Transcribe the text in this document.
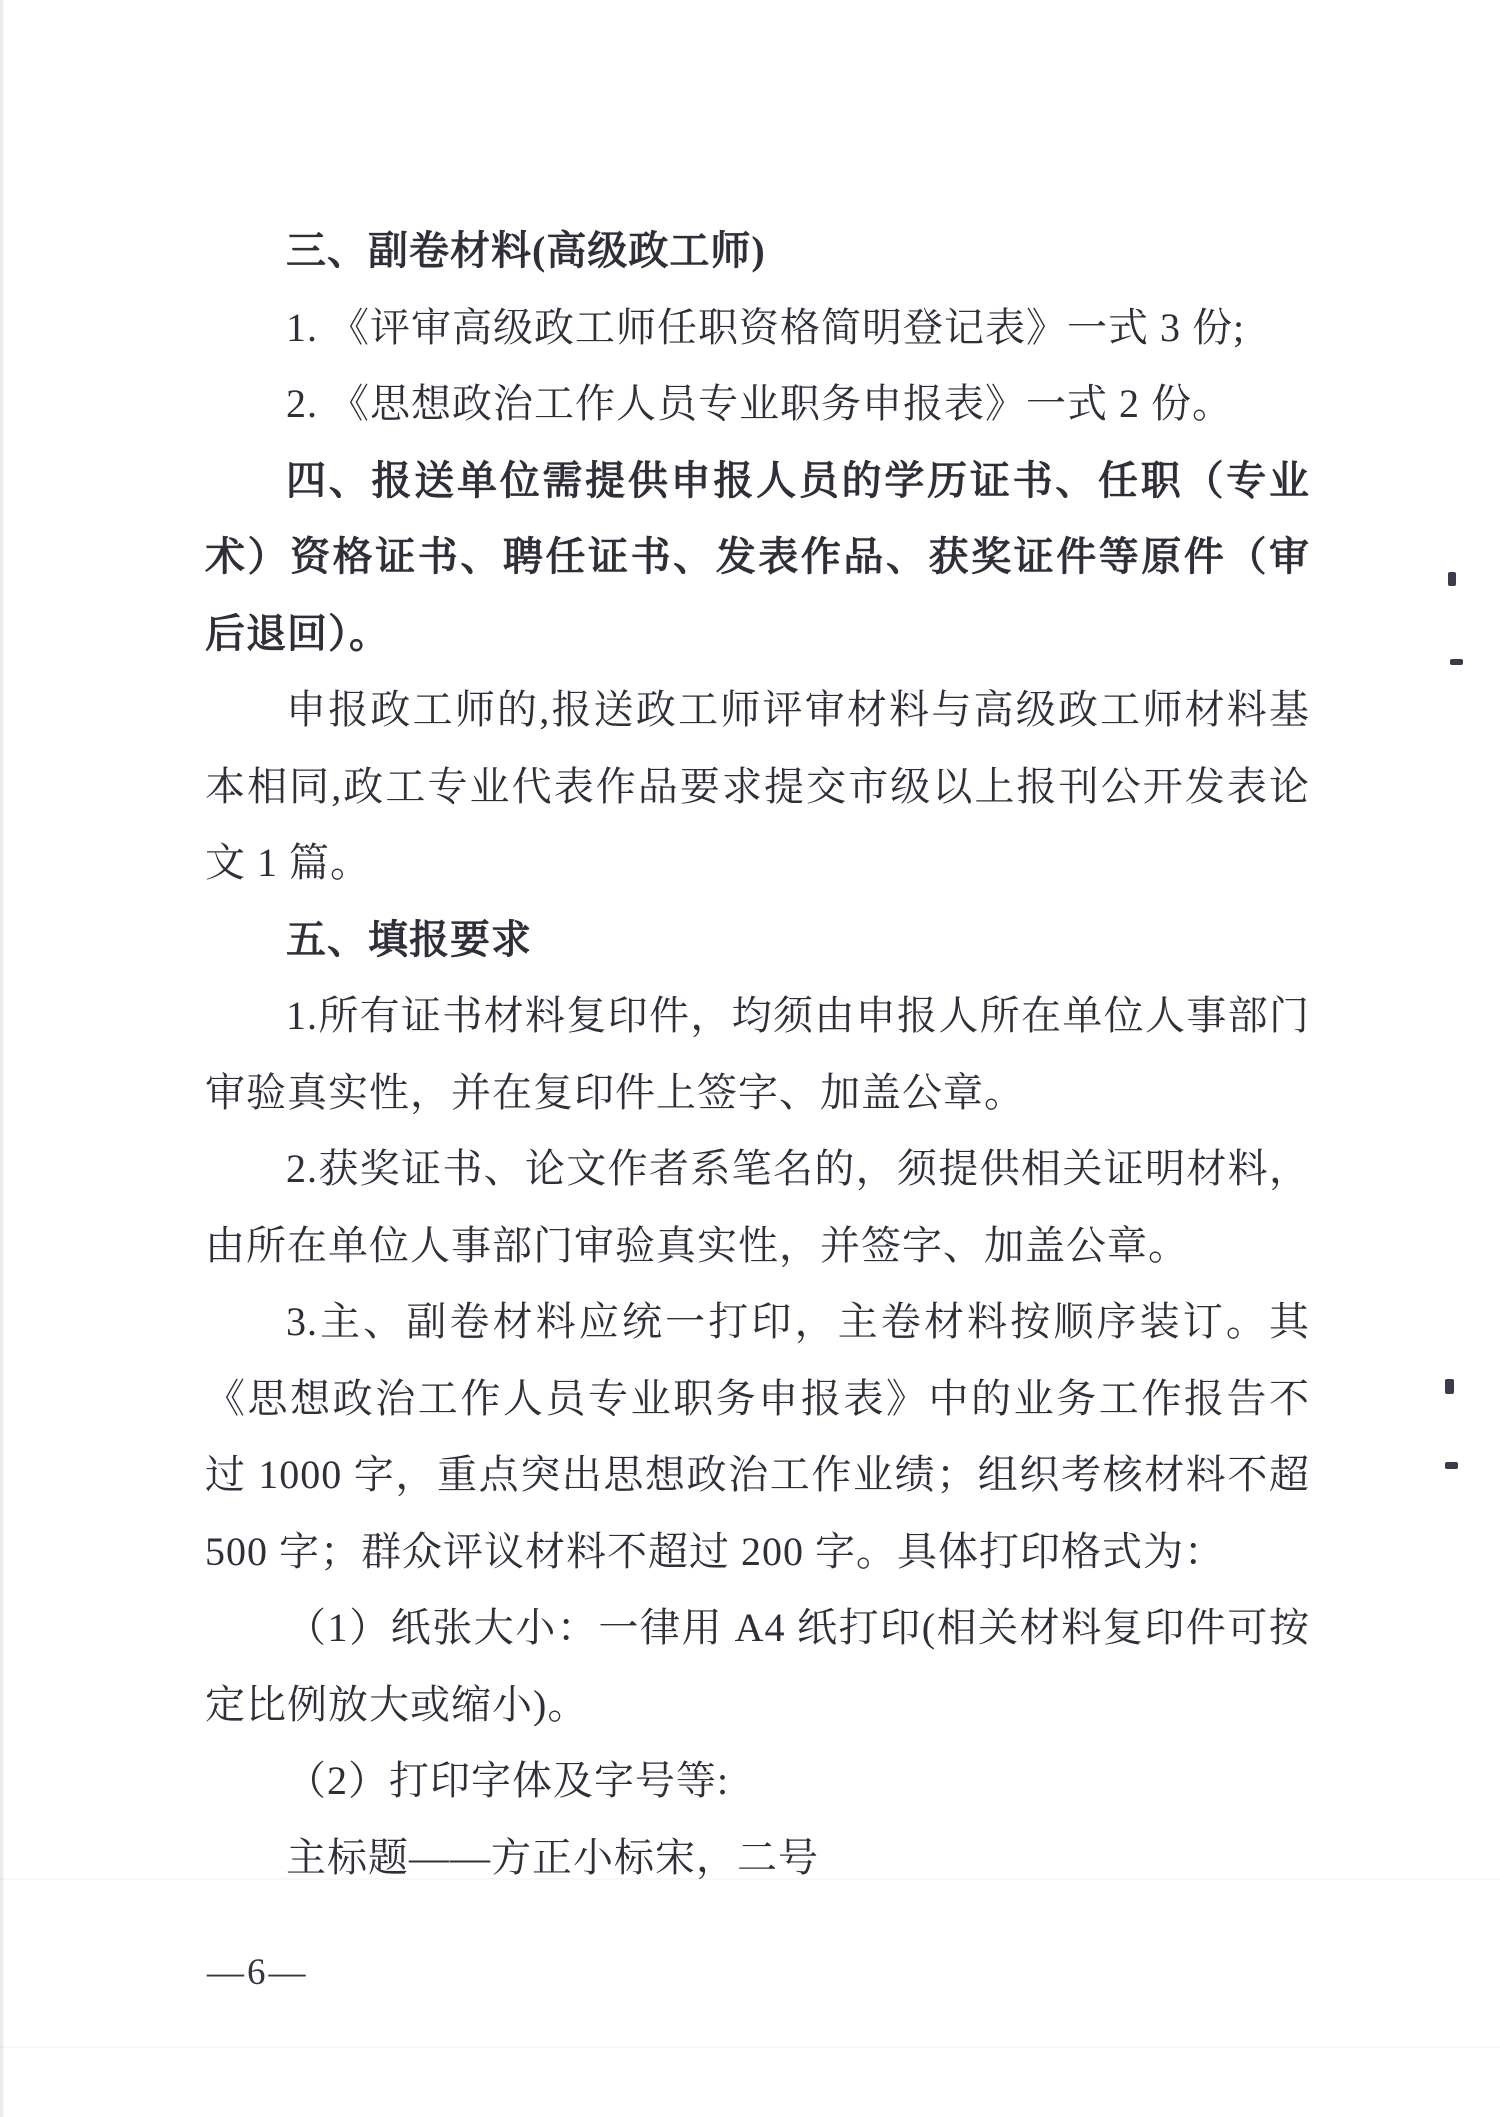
三、副卷材料(高级政工师)
1. 《评审高级政工师任职资格简明登记表》一式 3 份;
2. 《思想政治工作人员专业职务申报表》一式 2 份。
四、报送单位需提供申报人员的学历证书、任职（专业
术）资格证书、聘任证书、发表作品、获奖证件等原件（审
后退回）。
申报政工师的,报送政工师评审材料与高级政工师材料基
本相同,政工专业代表作品要求提交市级以上报刊公开发表论
文 1 篇。
五、填报要求
1.所有证书材料复印件，均须由申报人所在单位人事部门
审验真实性，并在复印件上签字、加盖公章。
2.获奖证书、论文作者系笔名的，须提供相关证明材料，
由所在单位人事部门审验真实性，并签字、加盖公章。
3.主、副卷材料应统一打印，主卷材料按顺序装订。其
《思想政治工作人员专业职务申报表》中的业务工作报告不
过 1000 字，重点突出思想政治工作业绩；组织考核材料不超
500 字；群众评议材料不超过 200 字。具体打印格式为：
（1）纸张大小：一律用 A4 纸打印(相关材料复印件可按
定比例放大或缩小)。
（2）打印字体及字号等:
主标题——方正小标宋，二号
—6—
